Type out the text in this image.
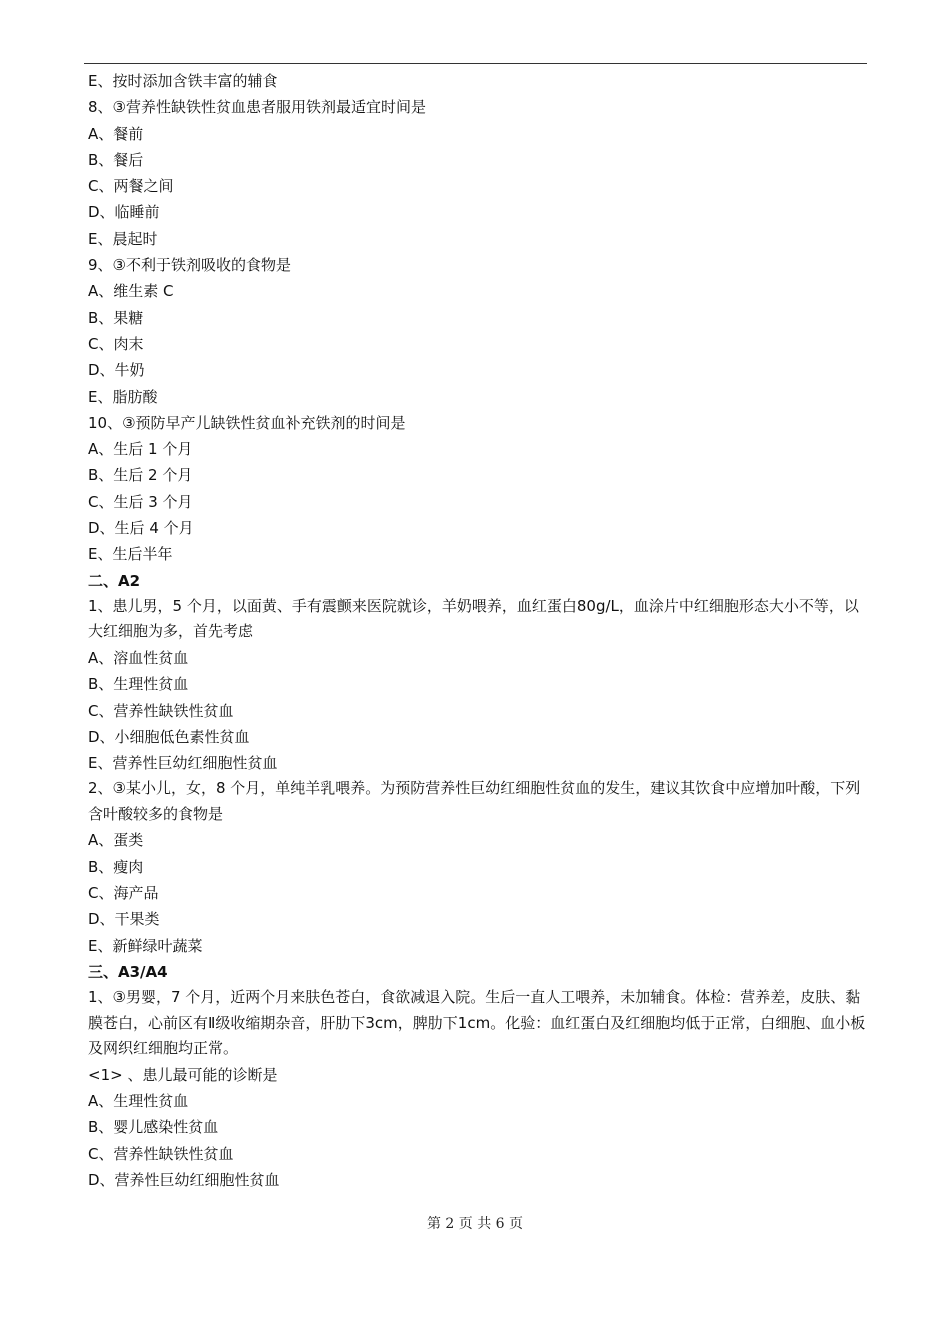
E、按时添加含铁丰富的辅食
8、③营养性缺铁性贫血患者服用铁剂最适宜时间是
A、餐前
B、餐后
C、两餐之间
D、临睡前
E、晨起时
9、③不利于铁剂吸收的食物是
A、维生素 C
B、果糖
C、肉末
D、牛奶
E、脂肪酸
10、③预防早产儿缺铁性贫血补充铁剂的时间是
A、生后 1 个月
B、生后 2 个月
C、生后 3 个月
D、生后 4 个月
E、生后半年
二、A2
1、患儿男，5 个月，以面黄、手有震颤来医院就诊，羊奶喂养，血红蛋白80g/L，血涂片中红细胞形态大小不等，以大红细胞为多，首先考虑
A、溶血性贫血
B、生理性贫血
C、营养性缺铁性贫血
D、小细胞低色素性贫血
E、营养性巨幼红细胞性贫血
2、③某小儿，女，8 个月，单纯羊乳喂养。为预防营养性巨幼红细胞性贫血的发生，建议其饮食中应增加叶酸，下列含叶酸较多的食物是
A、蛋类
B、瘦肉
C、海产品
D、干果类
E、新鲜绿叶蔬菜
三、A3/A4
1、③男婴，7 个月，近两个月来肤色苍白，食欲减退入院。生后一直人工喂养，未加辅食。体检：营养差，皮肤、黏膜苍白，心前区有Ⅱ级收缩期杂音，肝肋下3cm，脾肋下1cm。化验：血红蛋白及红细胞均低于正常，白细胞、血小板及网织红细胞均正常。
<1> 、患儿最可能的诊断是
A、生理性贫血
B、婴儿感染性贫血
C、营养性缺铁性贫血
D、营养性巨幼红细胞性贫血
第 2 页 共 6 页
